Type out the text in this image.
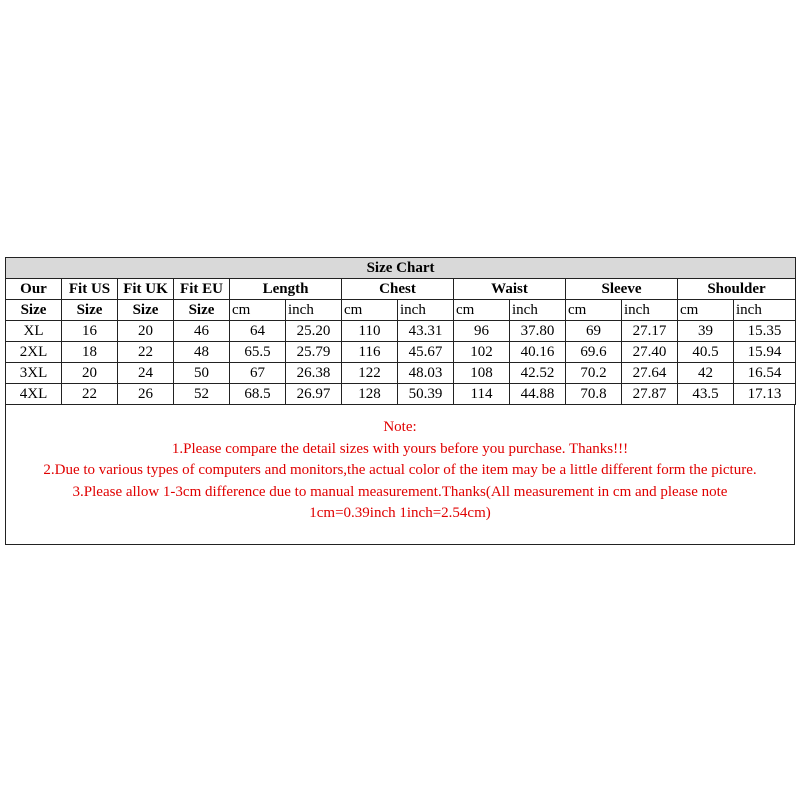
Size Chart													
Our	Fit US	Fit UK	Fit EU	Length		Chest		Waist		Sleeve		Shoulder	
Size	Size	Size	Size	cm	inch	cm	inch	cm	inch	cm	inch	cm	inch
XL	16	20	46	64	25.20	110	43.31	96	37.80	69	27.17	39	15.35
2XL	18	22	48	65.5	25.79	116	45.67	102	40.16	69.6	27.40	40.5	15.94
3XL	20	24	50	67	26.38	122	48.03	108	42.52	70.2	27.64	42	16.54
4XL	22	26	52	68.5	26.97	128	50.39	114	44.88	70.8	27.87	43.5	17.13
Note:
1.Please compare the detail sizes with yours before you purchase. Thanks!!!
2.Due to various types of computers and monitors,the actual color of the item may be a little different form the picture.
3.Please allow 1-3cm difference due to manual measurement.Thanks(All measurement in cm and please note
1cm=0.39inch 1inch=2.54cm)
